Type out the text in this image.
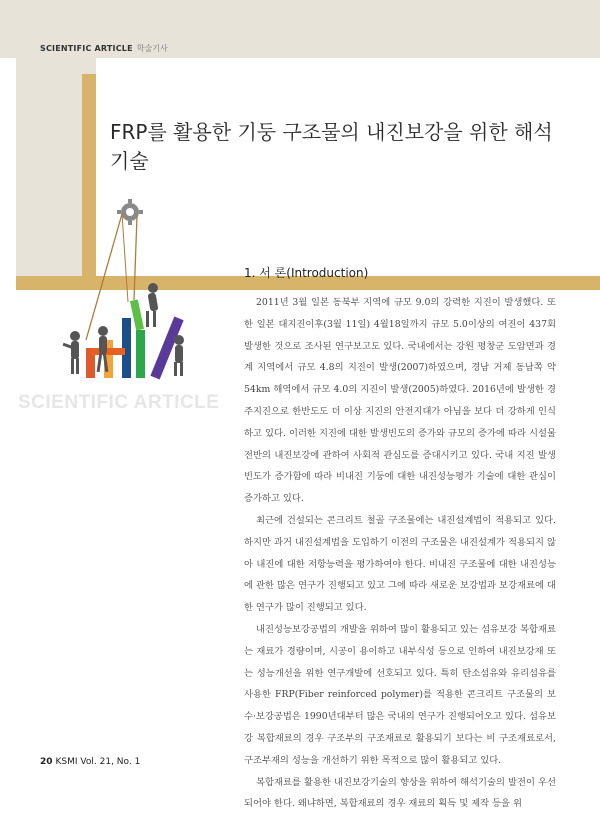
SCIENTIFIC ARTICLE 학술기사
FRP를 활용한 기둥 구조물의 내진보강을 위한 해석 기술
SCIENTIFIC ARTICLE
1. 서 론(Introduction)

2011년 3월 일본 동북부 지역에 규모 9.0의 강력한 지진이 발생했다. 또한 일본 대지진이후(3월 11일) 4월18일까지 규모 5.0이상의 여진이 437회 발생한 것으로 조사된 연구보고도 있다. 국내에서는 강원 평창군 도암면과 경계 지역에서 규모 4.8의 지진이 발생(2007)하였으며, 경남 거제 동남쪽 약 54km 해역에서 규모 4.0의 지진이 발생(2005)하였다. 2016년에 발생한 경주지진으로 한반도도 더 이상 지진의 안전지대가 아님을 보다 더 강하게 인식하고 있다. 이러한 지진에 대한 발생빈도의 증가와 규모의 증가에 따라 시설물 전반의 내진보강에 관하여 사회적 관심도를 증대시키고 있다. 국내 지진 발생빈도가 증가함에 따라 비내진 기둥에 대한 내진성능평가 기술에 대한 관심이 증가하고 있다.

최근에 건설되는 콘크리트 철골 구조물에는 내진설계법이 적용되고 있다. 하지만 과거 내진설계법을 도입하기 이전의 구조물은 내진설계가 적용되지 않아 내진에 대한 저항능력을 평가하여야 한다. 비내진 구조물에 대한 내진성능에 관한 많은 연구가 진행되고 있고 그에 따라 새로운 보강법과 보강재료에 대한 연구가 많이 진행되고 있다.

내진성능보강공법의 개발을 위하여 많이 활용되고 있는 섬유보강 복합재료는 재료가 경량이며, 시공이 용이하고 내부식성 등으로 인하여 내진보강재 또는 성능개선을 위한 연구개발에 선호되고 있다. 특히 탄소섬유와 유리섬유를 사용한 FRP(Fiber reinforced polymer)를 적용한 콘크리트 구조물의 보수·보강공법은 1990년대부터 많은 국내의 연구가 진행되어오고 있다. 섬유보강 복합재료의 경우 구조부의 구조재료로 활용되기 보다는 비 구조재료로서, 구조부재의 성능을 개선하기 위한 목적으로 많이 활용되고 있다.

복합재료를 활용한 내진보강기술의 향상을 위하여 해석기술의 발전이 우선 되어야 한다. 왜냐하면, 복합재료의 경우 재료의 획득 및 제작 등을 위

20 KSMI Vol. 21, No. 1
